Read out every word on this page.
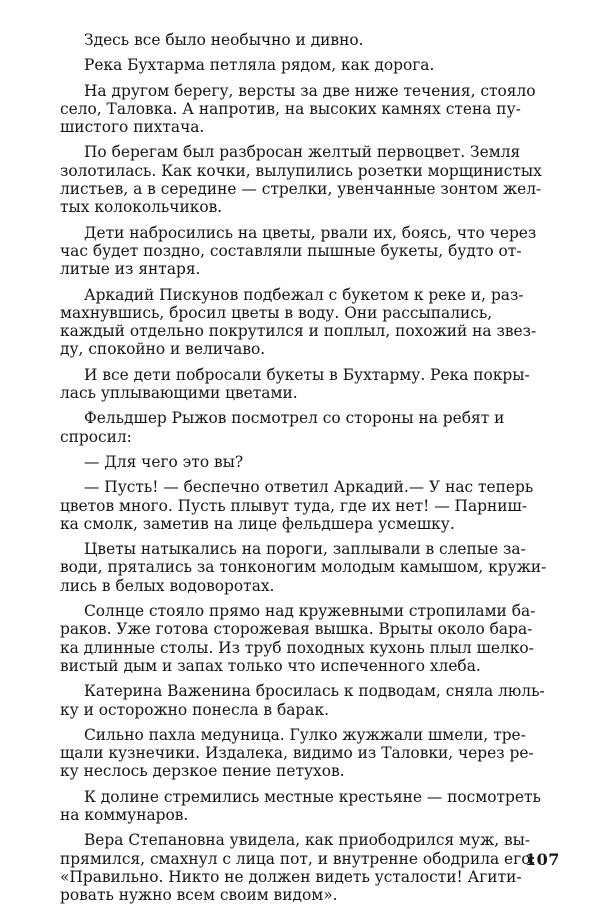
Здесь все было необычно и дивно.
Река Бухтарма петляла рядом, как дорога.
На другом берегу, версты за две ниже течения, стояло
село, Таловка. А напротив, на высоких камнях стена пу-
шистого пихтача.
По берегам был разбросан желтый первоцвет. Земля
золотилась. Как кочки, вылупились розетки морщинистых
листьев, а в середине — стрелки, увенчанные зонтом жел-
тых колокольчиков.
Дети набросились на цветы, рвали их, боясь, что через
час будет поздно, составляли пышные букеты, будто от-
литые из янтаря.
Аркадий Пискунов подбежал с букетом к реке и, раз-
махнувшись, бросил цветы в воду. Они рассыпались,
каждый отдельно покрутился и поплыл, похожий на звез-
ду, спокойно и величаво.
И все дети побросали букеты в Бухтарму. Река покры-
лась уплывающими цветами.
Фельдшер Рыжов посмотрел со стороны на ребят и
спросил:
— Для чего это вы?
— Пусть! — беспечно ответил Аркадий.— У нас теперь
цветов много. Пусть плывут туда, где их нет! — Парниш-
ка смолк, заметив на лице фельдшера усмешку.
Цветы натыкались на пороги, заплывали в слепые за-
води, прятались за тонконогим молодым камышом, кружи-
лись в белых водоворотах.
Солнце стояло прямо над кружевными стропилами ба-
раков. Уже готова сторожевая вышка. Врыты около бара-
ка длинные столы. Из труб походных кухонь плыл шелко-
вистый дым и запах только что испеченного хлеба.
Катерина Важенина бросилась к подводам, сняла люль-
ку и осторожно понесла в барак.
Сильно пахла медуница. Гулко жужжали шмели, тре-
щали кузнечики. Издалека, видимо из Таловки, через ре-
ку неслось дерзкое пение петухов.
К долине стремились местные крестьяне — посмотреть
на коммунаров.
Вера Степановна увидела, как приободрился муж, вы-
прямился, смахнул с лица пот, и внутренне ободрила его:
«Правильно. Никто не должен видеть усталости! Агити-
ровать нужно всем своим видом».
107
